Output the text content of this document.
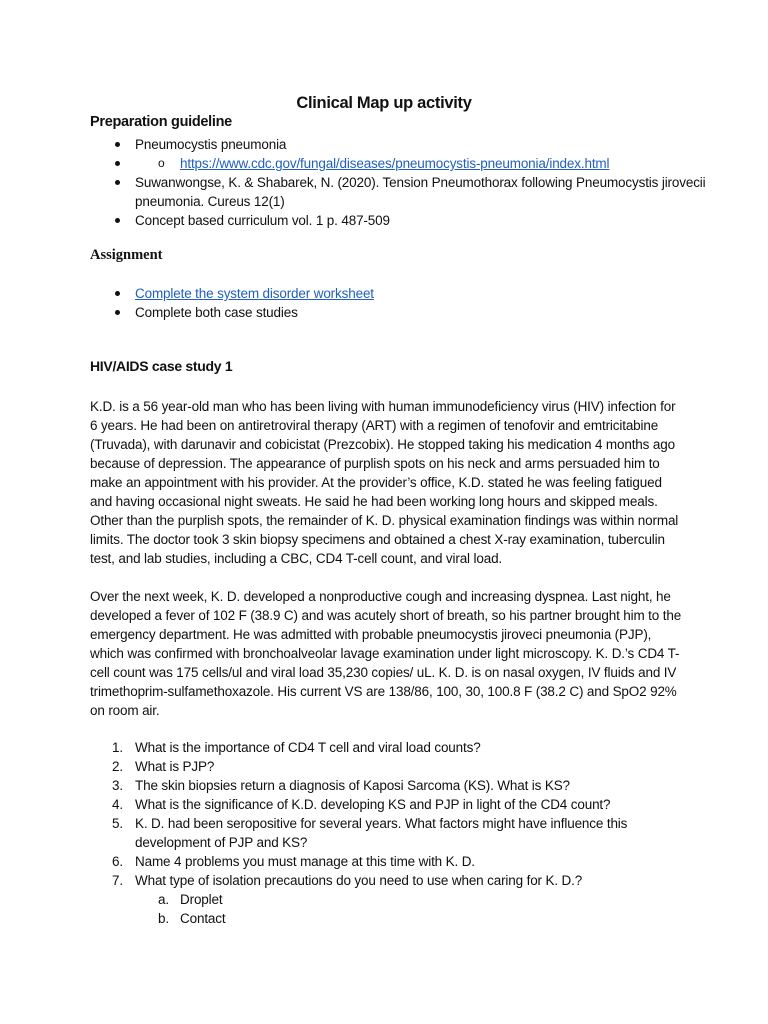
Clinical Map up activity
Preparation guideline
Pneumocystis pneumonia
o https://www.cdc.gov/fungal/diseases/pneumocystis-pneumonia/index.html
Suwanwongse, K. & Shabarek, N. (2020). Tension Pneumothorax following Pneumocystis jirovecii pneumonia. Cureus 12(1)
Concept based curriculum vol. 1 p. 487-509
Assignment
Complete the system disorder worksheet
Complete both case studies
HIV/AIDS case study 1

K.D. is a 56 year-old man who has been living with human immunodeficiency virus (HIV) infection for 6 years. He had been on antiretroviral therapy (ART) with a regimen of tenofovir and emtricitabine (Truvada), with darunavir and cobicistat (Prezcobix). He stopped taking his medication 4 months ago because of depression. The appearance of purplish spots on his neck and arms persuaded him to make an appointment with his provider. At the provider’s office, K.D. stated he was feeling fatigued and having occasional night sweats. He said he had been working long hours and skipped meals. Other than the purplish spots, the remainder of K. D. physical examination findings was within normal limits. The doctor took 3 skin biopsy specimens and obtained a chest X-ray examination, tuberculin test, and lab studies, including a CBC, CD4 T-cell count, and viral load.

Over the next week, K. D. developed a nonproductive cough and increasing dyspnea. Last night, he developed a fever of 102 F (38.9 C) and was acutely short of breath, so his partner brought him to the emergency department. He was admitted with probable pneumocystis jiroveci pneumonia (PJP), which was confirmed with bronchoalveolar lavage examination under light microscopy. K. D.’s CD4 T-cell count was 175 cells/ul and viral load 35,230 copies/ uL. K. D. is on nasal oxygen, IV fluids and IV trimethoprim-sulfamethoxazole. His current VS are 138/86, 100, 30, 100.8 F (38.2 C) and SpO2 92% on room air.

1. What is the importance of CD4 T cell and viral load counts?
2. What is PJP?
3. The skin biopsies return a diagnosis of Kaposi Sarcoma (KS). What is KS?
4. What is the significance of K.D. developing KS and PJP in light of the CD4 count?
5. K. D. had been seropositive for several years. What factors might have influence this development of PJP and KS?
6. Name 4 problems you must manage at this time with K. D.
7. What type of isolation precautions do you need to use when caring for K. D.?
a. Droplet
b. Contact
